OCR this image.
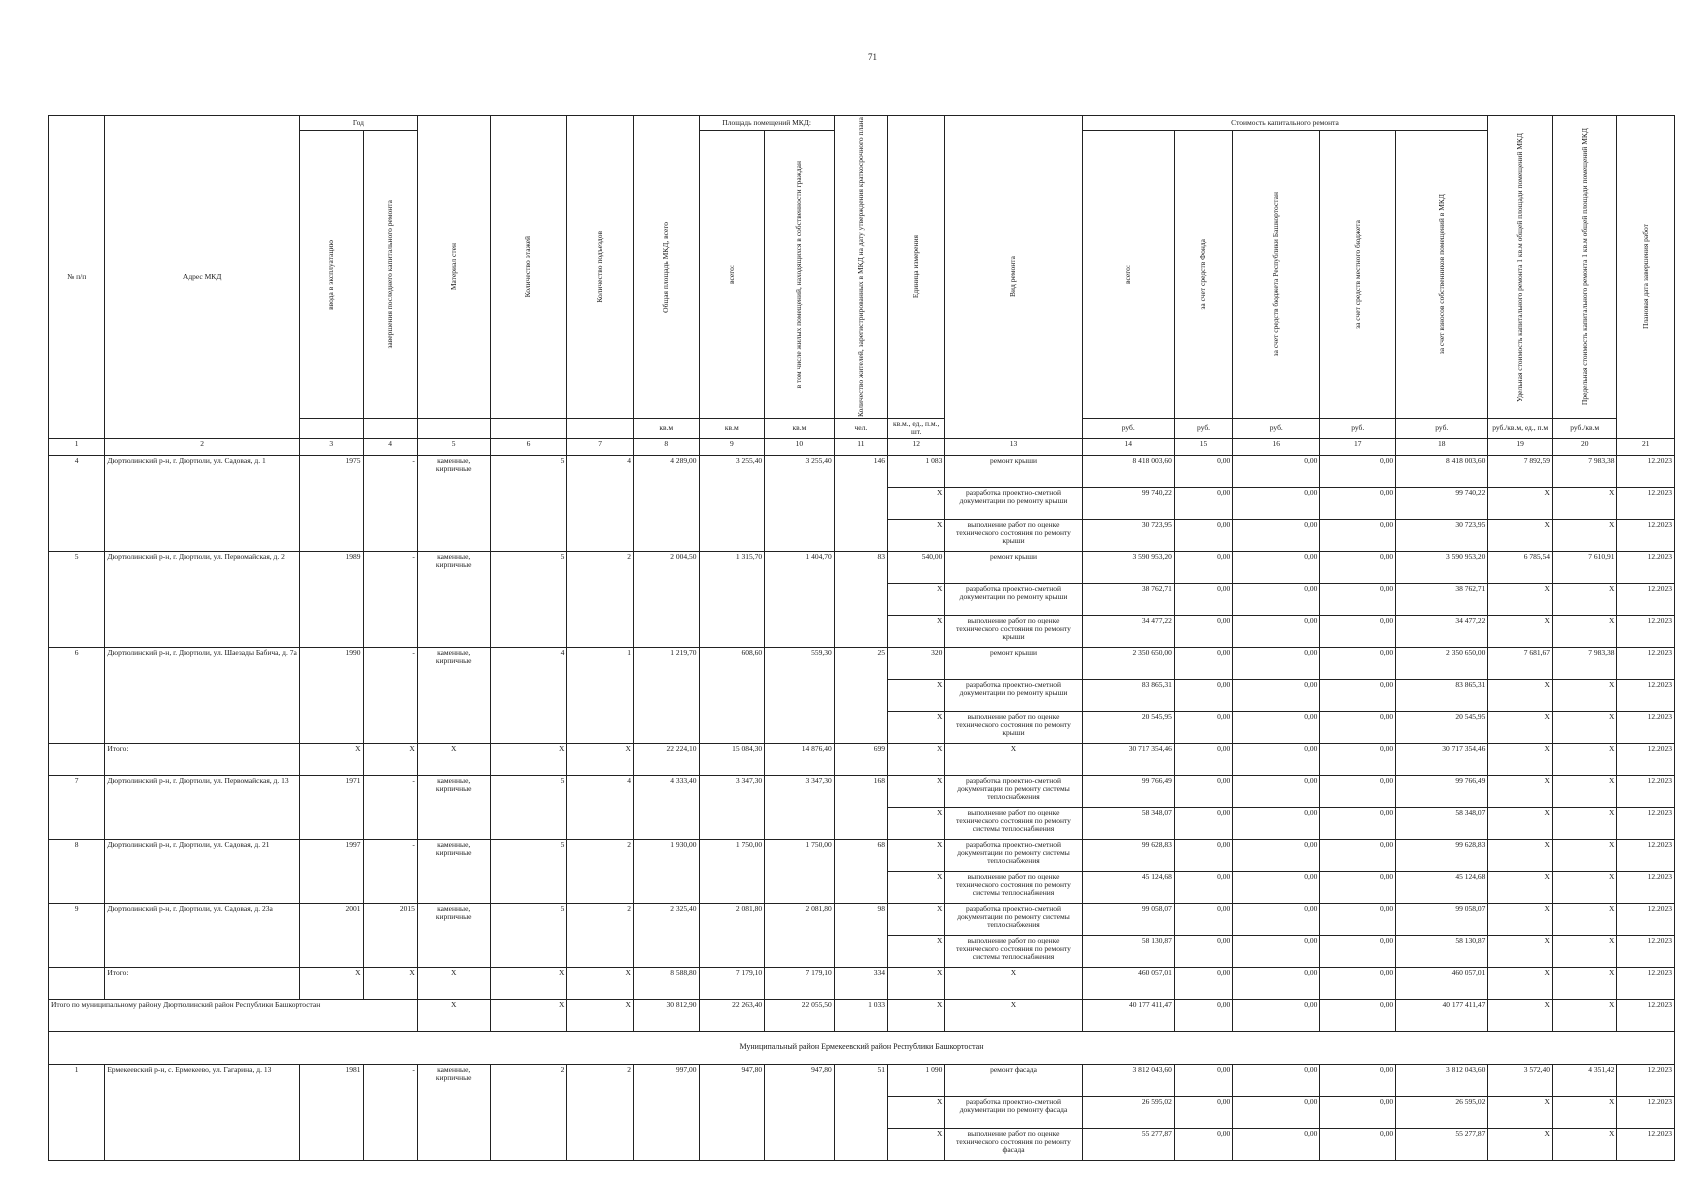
71
№ п/п	Адрес МКД	Год		Материал стен	Количество этажей	Количество подъездов	Общая площадь МКД, всего	Площадь помещений МКД:		Количество жителей, зарегистрированных в МКД на дату утверждения краткосрочного плана	Единица измерения	Вид ремонта	Стоимость капитального ремонта					Удельная стоимость капитального ремонта 1 кв.м общей площади помещений МКД	Предельная стоимость капитального ремонта 1 кв.м общей площади помещений МКД	Плановая дата завершения работ

		ввода в эксплуатацию	завершения последнего капитального ремонта					всего:	в том числе жилых помещений, находящихся в собственности граждан				всего:	за счет средств Фонда	за счет средств бюджета Республики Башкортостан	за счет средств местного бюджета	за счет взносов собственников помещений в МКД			

							кв.м	кв.м	кв.м	чел.	кв.м., ед., п.м., шт.		руб.	руб.	руб.	руб.	руб.	руб./кв.м, ед., п.м	руб./кв.м	
1	2	3	4	5	6	7	8	9	10	11	12	13	14	15	16	17	18	19	20	21
4	Дюртюлинский р-н, г. Дюртюли, ул. Садовая, д. 1	1975	-	каменные, кирпичные	5	4	4 289,00	3 255,40	3 255,40	146	1 083	ремонт крыши	8 418 003,60	0,00	0,00	0,00	8 418 003,60	7 892,59	7 983,38	12.2023
											X	разработка проектно-сметной документации по ремонту крыши	99 740,22	0,00	0,00	0,00	99 740,22	X	X	12.2023
											X	выполнение работ по оценке технического состояния по ремонту крыши	30 723,95	0,00	0,00	0,00	30 723,95	X	X	12.2023
5	Дюртюлинский р-н, г. Дюртюли, ул. Первомайская, д. 2	1989	-	каменные, кирпичные	5	2	2 004,50	1 315,70	1 404,70	83	540,00	ремонт крыши	3 590 953,20	0,00	0,00	0,00	3 590 953,20	6 785,54	7 610,91	12.2023
											X	разработка проектно-сметной документации по ремонту крыши	38 762,71	0,00	0,00	0,00	38 762,71	X	X	12.2023
											X	выполнение работ по оценке технического состояния по ремонту крыши	34 477,22	0,00	0,00	0,00	34 477,22	X	X	12.2023
6	Дюртюлинский р-н, г. Дюртюли, ул. Шаезады Бабича, д. 7а	1990	-	каменные, кирпичные	4	1	1 219,70	608,60	559,30	25	320	ремонт крыши	2 350 650,00	0,00	0,00	0,00	2 350 650,00	7 681,67	7 983,38	12.2023
											X	разработка проектно-сметной документации по ремонту крыши	83 865,31	0,00	0,00	0,00	83 865,31	X	X	12.2023
											X	выполнение работ по оценке технического состояния по ремонту крыши	20 545,95	0,00	0,00	0,00	20 545,95	X	X	12.2023
	Итого:	X	X	X	X	X	22 224,10	15 084,30	14 876,40	699	X	X	30 717 354,46	0,00	0,00	0,00	30 717 354,46	X	X	12.2023
7	Дюртюлинский р-н, г. Дюртюли, ул. Первомайская, д. 13	1971	-	каменные, кирпичные	5	4	4 333,40	3 347,30	3 347,30	168	X	разработка проектно-сметной документации по ремонту системы теплоснабжения	99 766,49	0,00	0,00	0,00	99 766,49	X	X	12.2023
											X	выполнение работ по оценке технического состояния по ремонту системы теплоснабжения	58 348,07	0,00	0,00	0,00	58 348,07	X	X	12.2023
8	Дюртюлинский р-н, г. Дюртюли, ул. Садовая, д. 21	1997	-	каменные, кирпичные	5	2	1 930,00	1 750,00	1 750,00	68	X	разработка проектно-сметной документации по ремонту системы теплоснабжения	99 628,83	0,00	0,00	0,00	99 628,83	X	X	12.2023
											X	выполнение работ по оценке технического состояния по ремонту системы теплоснабжения	45 124,68	0,00	0,00	0,00	45 124,68	X	X	12.2023
9	Дюртюлинский р-н, г. Дюртюли, ул. Садовая, д. 23а	2001	2015	каменные, кирпичные	5	2	2 325,40	2 081,80	2 081,80	98	X	разработка проектно-сметной документации по ремонту системы теплоснабжения	99 058,07	0,00	0,00	0,00	99 058,07	X	X	12.2023
											X	выполнение работ по оценке технического состояния по ремонту системы теплоснабжения	58 130,87	0,00	0,00	0,00	58 130,87	X	X	12.2023
	Итого:	X	X	X	X	X	8 588,80	7 179,10	7 179,10	334	X	X	460 057,01	0,00	0,00	0,00	460 057,01	X	X	12.2023
Итого по муниципальному району Дюртюлинский район Республики Башкортостан				X	X	X	30 812,90	22 263,40	22 055,50	1 033	X	X	40 177 411,47	0,00	0,00	0,00	40 177 411,47	X	X	12.2023
Муниципальный район Ермекеевский район Республики Башкортостан																				
1	Ермекеевский р-н, с. Ермекеево, ул. Гагарина, д. 13	1981	-	каменные, кирпичные	2	2	997,00	947,80	947,80	51	1 090	ремонт фасада	3 812 043,60	0,00	0,00	0,00	3 812 043,60	3 572,40	4 351,42	12.2023
											X	разработка проектно-сметной документации по ремонту фасада	26 595,02	0,00	0,00	0,00	26 595,02	X	X	12.2023
											X	выполнение работ по оценке технического состояния по ремонту фасада	55 277,87	0,00	0,00	0,00	55 277,87	X	X	12.2023
